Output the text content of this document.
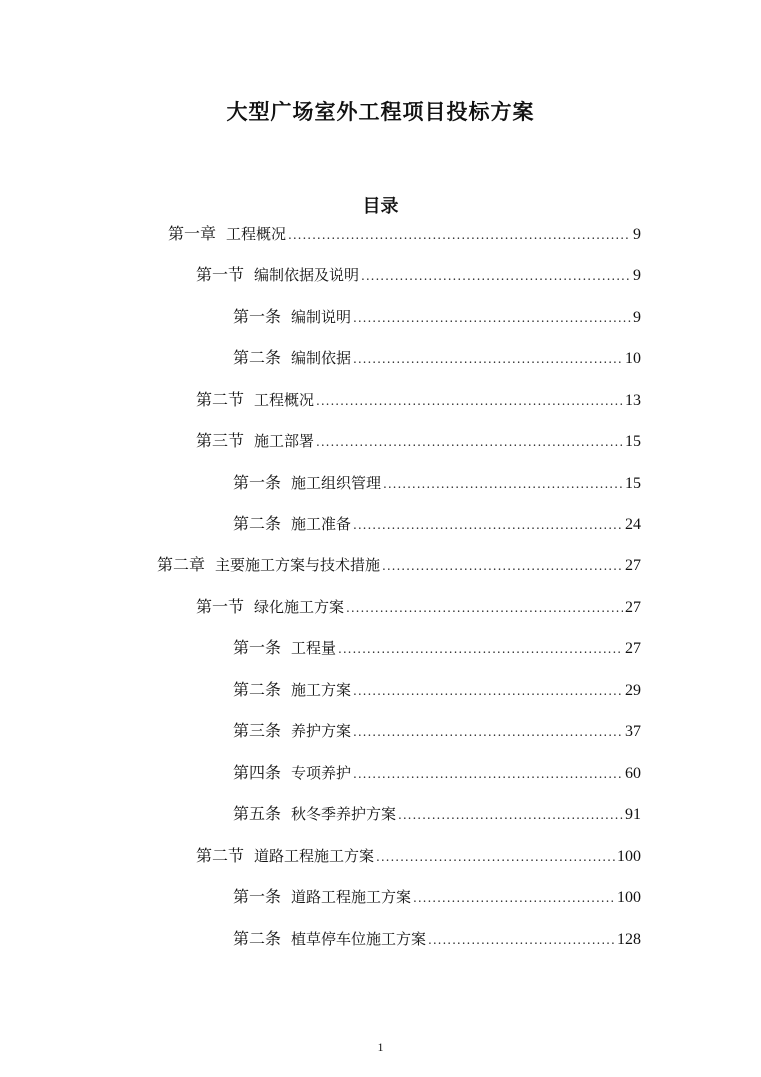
大型广场室外工程项目投标方案
目录
第一章 工程概况 .....	9
第一节 编制依据及说明 .....	9
第一条 编制说明 .....	9
第二条 编制依据 .....	10
第二节 工程概况 .....	13
第三节 施工部署 .....	15
第一条 施工组织管理 .....	15
第二条 施工准备 .....	24
第二章 主要施工方案与技术措施 .....	27
第一节 绿化施工方案 .....	27
第一条 工程量 .....	27
第二条 施工方案 .....	29
第三条 养护方案 .....	37
第四条 专项养护 .....	60
第五条 秋冬季养护方案 .....	91
第二节 道路工程施工方案 .....	100
第一条 道路工程施工方案 .....	100
第二条 植草停车位施工方案 .....	128
1
